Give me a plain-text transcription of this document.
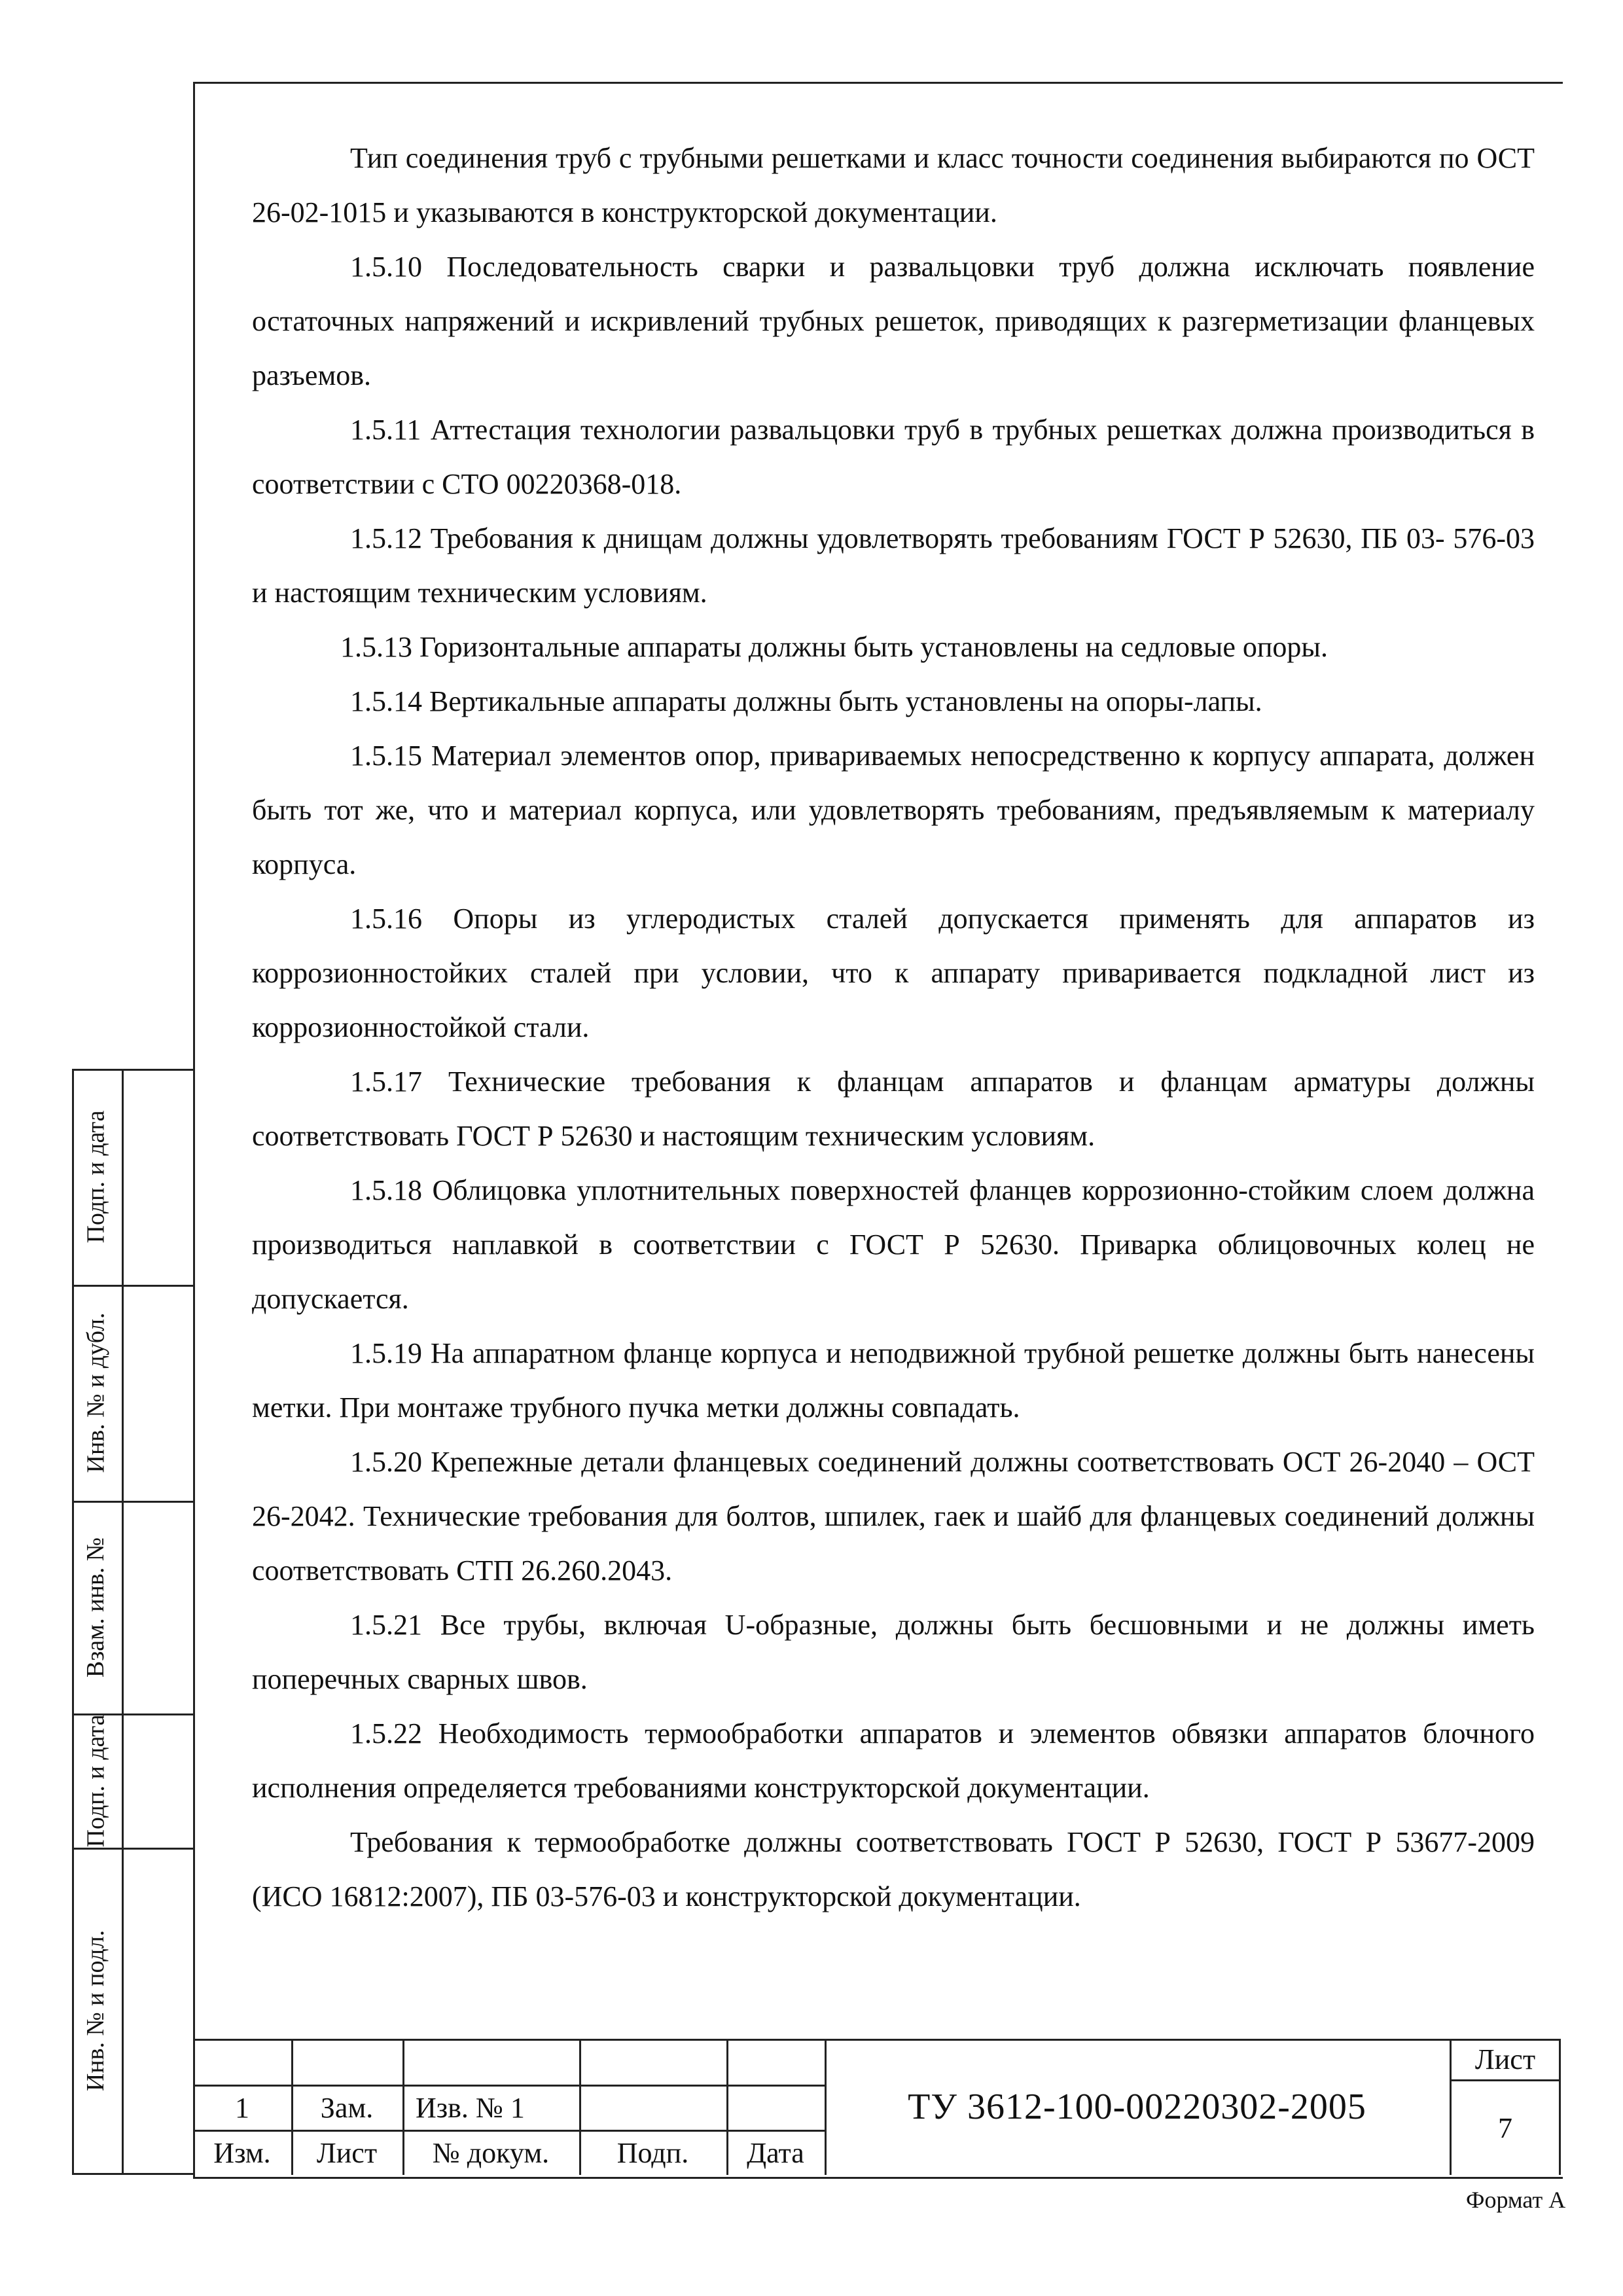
Тип соединения труб с трубными решетками и класс точности соединения выбираются по ОСТ 26-02-1015 и указываются в конструкторской документации.

1.5.10 Последовательность сварки и развальцовки труб должна исключать появление остаточных напряжений и искривлений трубных решеток, приводящих к разгерметизации фланцевых разъемов.

1.5.11 Аттестация технологии развальцовки труб в трубных решетках должна производиться в соответствии с СТО 00220368-018.

1.5.12 Требования к днищам должны удовлетворять требованиям ГОСТ Р 52630, ПБ 03- 576-03 и настоящим техническим условиям.

1.5.13 Горизонтальные аппараты должны быть установлены на седловые опоры.

1.5.14 Вертикальные аппараты должны быть установлены на опоры-лапы.

1.5.15 Материал элементов опор, привариваемых непосредственно к корпусу аппарата, должен быть тот же, что и материал корпуса, или удовлетворять требованиям, предъявляемым к материалу корпуса.

1.5.16 Опоры из углеродистых сталей допускается применять для аппаратов из коррозионностойких сталей при условии, что к аппарату приваривается подкладной лист из коррозионностойкой стали.

1.5.17 Технические требования к фланцам аппаратов и фланцам арматуры должны соответствовать ГОСТ Р 52630 и настоящим техническим условиям.

1.5.18 Облицовка уплотнительных поверхностей фланцев коррозионно-стойким слоем должна производиться наплавкой в соответствии с ГОСТ Р 52630. Приварка облицовочных колец не допускается.

1.5.19 На аппаратном фланце корпуса и неподвижной трубной решетке должны быть нанесены метки. При монтаже трубного пучка метки должны совпадать.

1.5.20 Крепежные детали фланцевых соединений должны соответствовать ОСТ 26-2040 – ОСТ 26-2042. Технические требования для болтов, шпилек, гаек и шайб для фланцевых соединений должны соответствовать СТП 26.260.2043.

1.5.21 Все трубы, включая U-образные, должны быть бесшовными и не должны иметь поперечных сварных швов.

1.5.22 Необходимость термообработки аппаратов и элементов обвязки аппаратов блочного исполнения определяется требованиями конструкторской документации.

Требования к термообработке должны соответствовать ГОСТ Р 52630, ГОСТ Р 53677-2009 (ИСО 16812:2007), ПБ 03-576-03 и конструкторской документации.

Подп. и дата
Инв. № и дубл.
Взам. инв. №
Подп. и дата
Инв. № и подл.
1	Зам.	Изв. № 1
Изм.	Лист	№ докум.	Подп.	Дата
ТУ 3612-100-00220302-2005
Лист
7
Формат А
